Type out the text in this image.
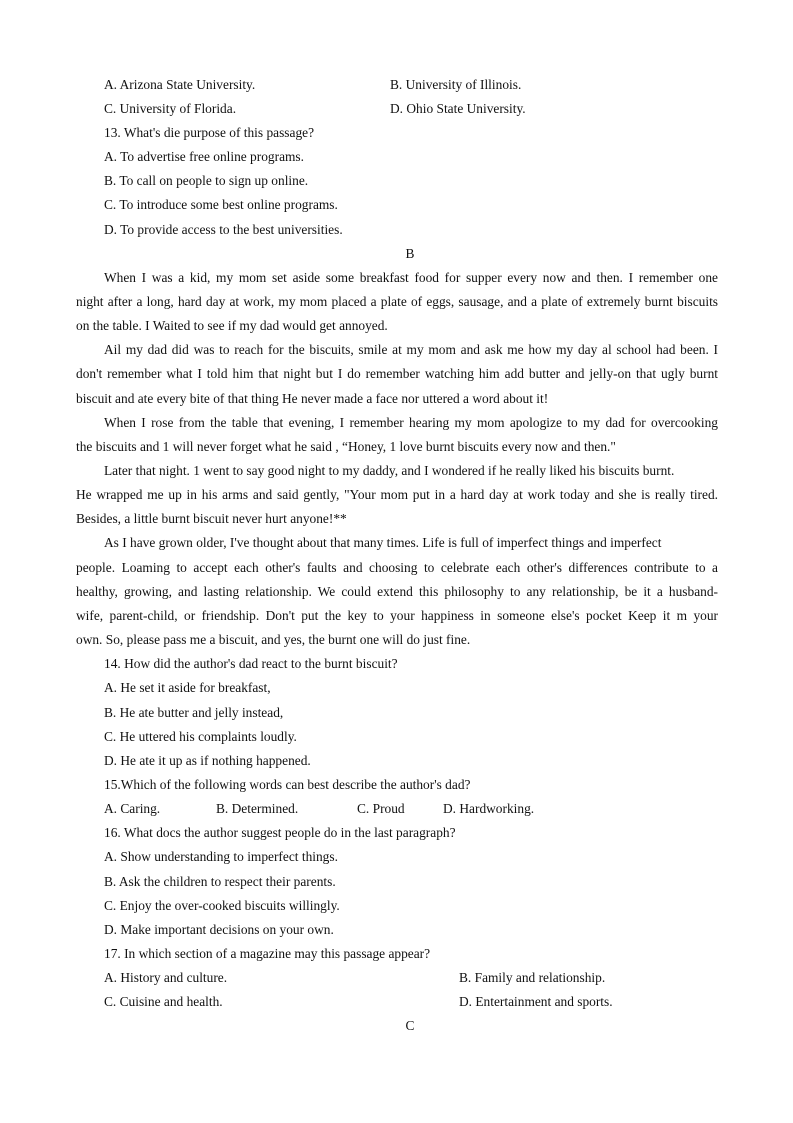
A. Arizona State University.	B. University of Illinois.
C. University of Florida.	D. Ohio State University.
13. What's die purpose of this passage?
A. To advertise free online programs.
B. To call on people to sign up online.
C. To introduce some best online programs.
D. To provide access to the best universities.
B
When I was a kid, my mom set aside some breakfast food for supper every now and then. I remember one
night after a long, hard day at work, my mom placed a plate of eggs, sausage, and a plate of extremely burnt biscuits
on the table. I Waited to see if my dad would get annoyed.
Ail my dad did was to reach for the biscuits, smile at my mom and ask me how my day al school had been. I
don't remember what I told him that night but I do remember watching him add butter and jelly-on that ugly burnt
biscuit and ate every bite of that thing He never made a face nor uttered a word about it!
When I rose from the table that evening, I remember hearing my mom apologize to my dad for overcooking
the biscuits and 1 will never forget what he said , “Honey, 1 love burnt biscuits every now and then."
Later that night. 1 went to say good night to my daddy, and I wondered if he really liked his biscuits burnt.
He wrapped me up in his arms and said gently, "Your mom put in a hard day at work today and she is really tired.
Besides, a little burnt biscuit never hurt anyone!**
As I have grown older, I've thought about that many times. Life is full of imperfect things and imperfect
people. Loaming to accept each other's faults and choosing to celebrate each other's differences contribute to a
healthy, growing, and lasting relationship. We could extend this philosophy to any relationship, be it a husband-
wife, parent-child, or friendship. Don't put the key to your happiness in someone else's pocket Keep it m your
own. So, please pass me a biscuit, and yes, the burnt one will do just fine.
14. How did the author's dad react to the burnt biscuit?
A. He set it aside for breakfast,
B. He ate butter and jelly instead,
C. He uttered his complaints loudly.
D. He ate it up as if nothing happened.
15.Which of the following words can best describe the author's dad?
A. Caring.	B. Determined.	C. Proud	D. Hardworking.
16. What docs the author suggest people do in the last paragraph?
A. Show understanding to imperfect things.
B. Ask the children to respect their parents.
C. Enjoy the over-cooked biscuits willingly.
D. Make important decisions on your own.
17. In which section of a magazine may this passage appear?
A. History and culture.	B. Family and relationship.
C. Cuisine and health.	D. Entertainment and sports.
C
